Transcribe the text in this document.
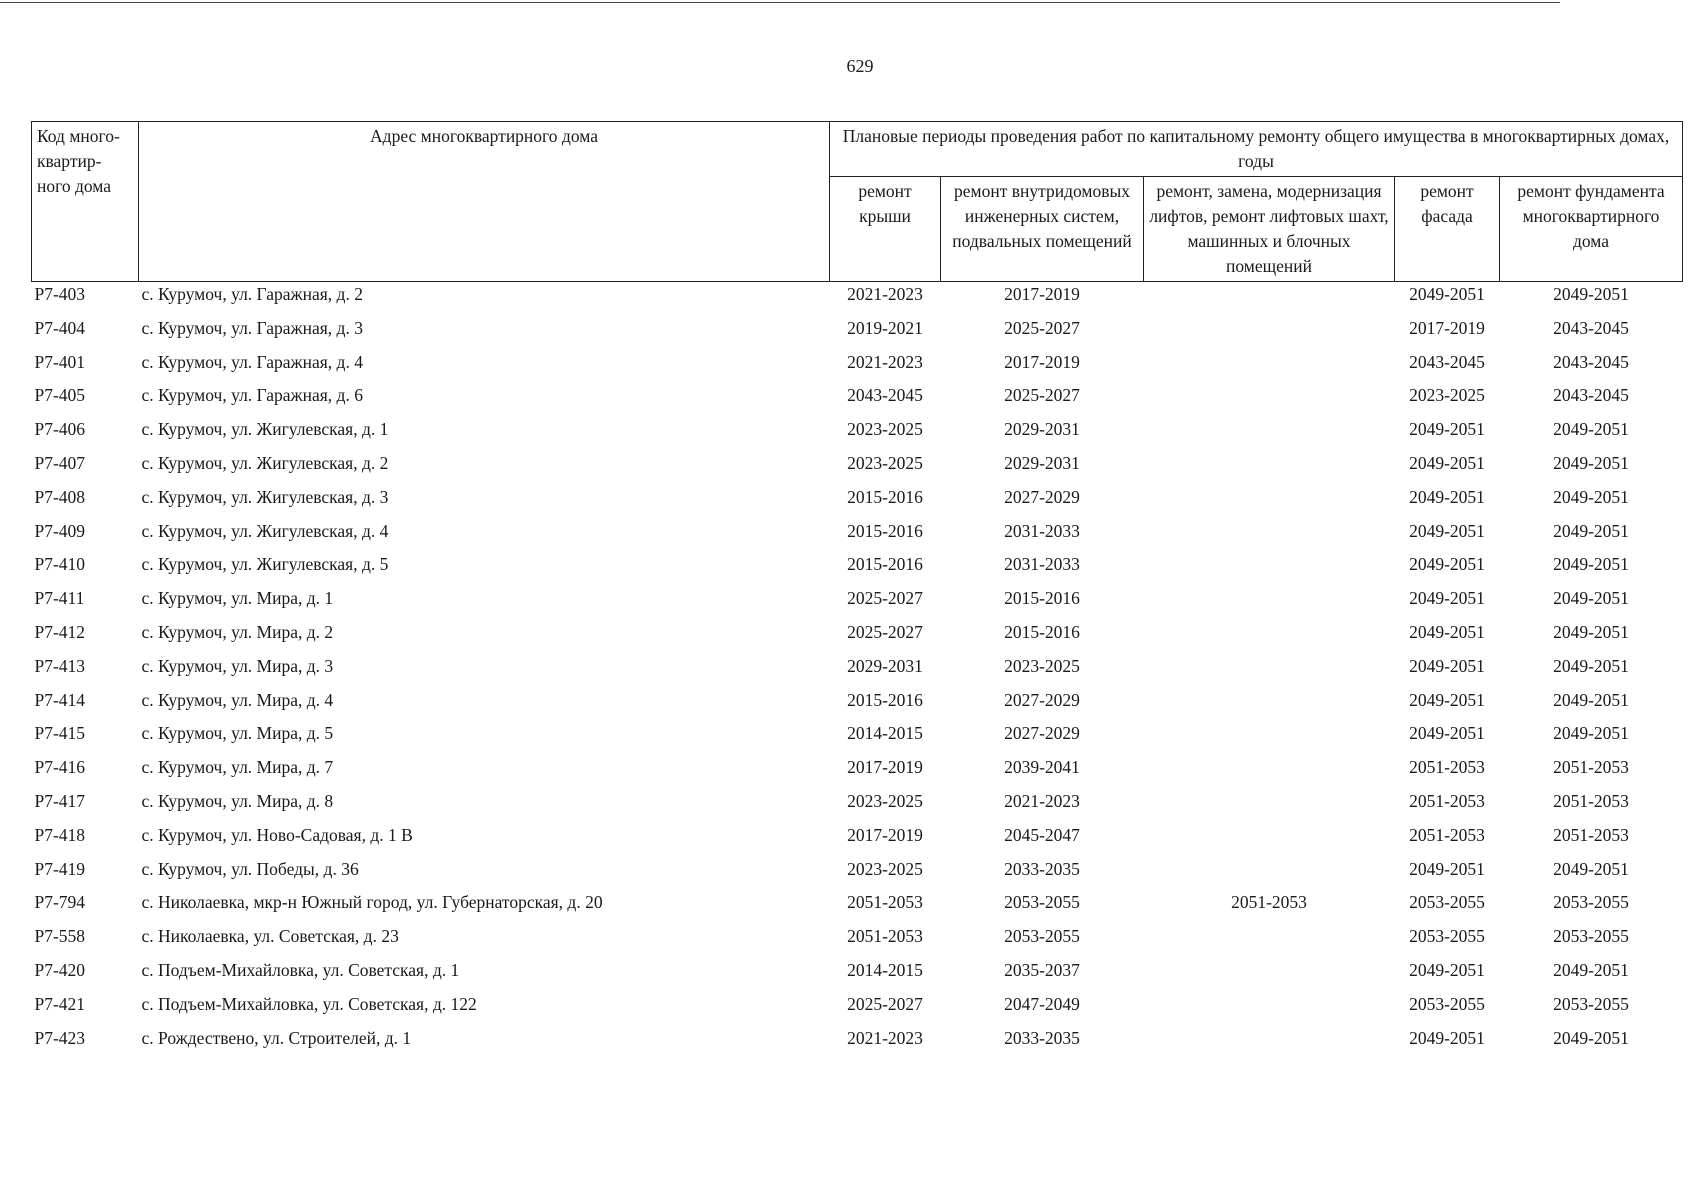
629
Код много-квартир-ного дома	Адрес многоквартирного дома	Плановые периоды проведения работ по капитальному ремонту общего имущества в многоквартирных домах, годы				
		ремонт крыши	ремонт внутридомовых инженерных систем, подвальных помещений	ремонт, замена, модернизация лифтов, ремонт лифтовых шахт, машинных и блочных помещений	ремонт фасада	ремонт фундамента многоквартирного дома
Р7-403	с. Курумоч, ул. Гаражная, д. 2	2021-2023	2017-2019		2049-2051	2049-2051
Р7-404	с. Курумоч, ул. Гаражная, д. 3	2019-2021	2025-2027		2017-2019	2043-2045
Р7-401	с. Курумоч, ул. Гаражная, д. 4	2021-2023	2017-2019		2043-2045	2043-2045
Р7-405	с. Курумоч, ул. Гаражная, д. 6	2043-2045	2025-2027		2023-2025	2043-2045
Р7-406	с. Курумоч, ул. Жигулевская, д. 1	2023-2025	2029-2031		2049-2051	2049-2051
Р7-407	с. Курумоч, ул. Жигулевская, д. 2	2023-2025	2029-2031		2049-2051	2049-2051
Р7-408	с. Курумоч, ул. Жигулевская, д. 3	2015-2016	2027-2029		2049-2051	2049-2051
Р7-409	с. Курумоч, ул. Жигулевская, д. 4	2015-2016	2031-2033		2049-2051	2049-2051
Р7-410	с. Курумоч, ул. Жигулевская, д. 5	2015-2016	2031-2033		2049-2051	2049-2051
Р7-411	с. Курумоч, ул. Мира, д. 1	2025-2027	2015-2016		2049-2051	2049-2051
Р7-412	с. Курумоч, ул. Мира, д. 2	2025-2027	2015-2016		2049-2051	2049-2051
Р7-413	с. Курумоч, ул. Мира, д. 3	2029-2031	2023-2025		2049-2051	2049-2051
Р7-414	с. Курумоч, ул. Мира, д. 4	2015-2016	2027-2029		2049-2051	2049-2051
Р7-415	с. Курумоч, ул. Мира, д. 5	2014-2015	2027-2029		2049-2051	2049-2051
Р7-416	с. Курумоч, ул. Мира, д. 7	2017-2019	2039-2041		2051-2053	2051-2053
Р7-417	с. Курумоч, ул. Мира, д. 8	2023-2025	2021-2023		2051-2053	2051-2053
Р7-418	с. Курумоч, ул. Ново-Садовая, д. 1 В	2017-2019	2045-2047		2051-2053	2051-2053
Р7-419	с. Курумоч, ул. Победы, д. 36	2023-2025	2033-2035		2049-2051	2049-2051
Р7-794	с. Николаевка, мкр-н Южный город, ул. Губернаторская, д. 20	2051-2053	2053-2055	2051-2053	2053-2055	2053-2055
Р7-558	с. Николаевка, ул. Советская, д. 23	2051-2053	2053-2055		2053-2055	2053-2055
Р7-420	с. Подъем-Михайловка, ул. Советская, д. 1	2014-2015	2035-2037		2049-2051	2049-2051
Р7-421	с. Подъем-Михайловка, ул. Советская, д. 122	2025-2027	2047-2049		2053-2055	2053-2055
Р7-423	с. Рождествено, ул. Строителей, д. 1	2021-2023	2033-2035		2049-2051	2049-2051
